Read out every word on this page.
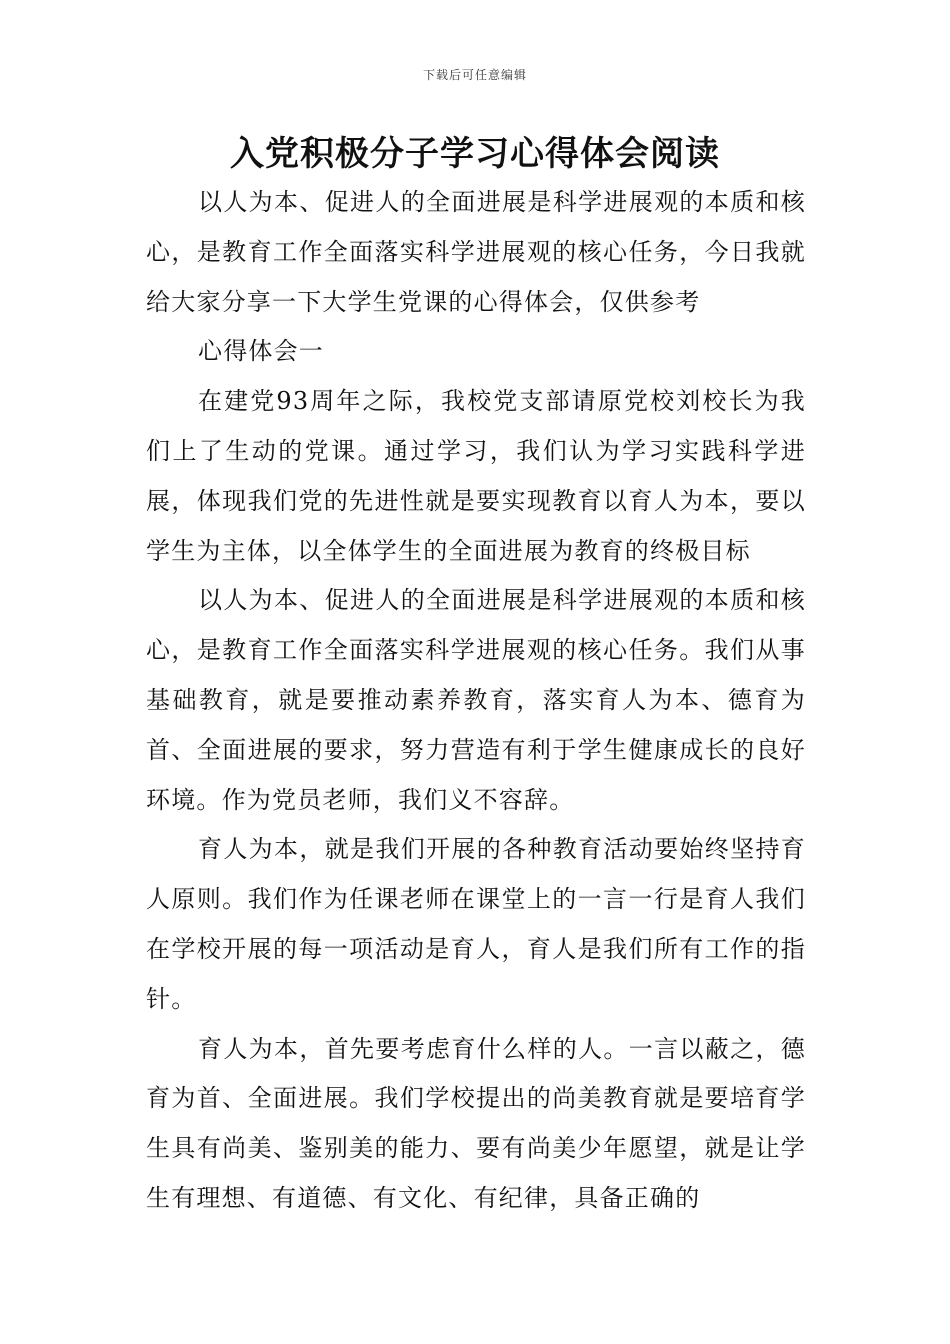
下载后可任意编辑
入党积极分子学习心得体会阅读

以人为本、促进人的全面进展是科学进展观的本质和核心，是教育工作全面落实科学进展观的核心任务，今日我就给大家分享一下大学生党课的心得体会，仅供参考

心得体会一

在建党93周年之际，我校党支部请原党校刘校长为我们上了生动的党课。通过学习，我们认为学习实践科学进展，体现我们党的先进性就是要实现教育以育人为本，要以学生为主体，以全体学生的全面进展为教育的终极目标

以人为本、促进人的全面进展是科学进展观的本质和核心，是教育工作全面落实科学进展观的核心任务。我们从事基础教育，就是要推动素养教育，落实育人为本、德育为首、全面进展的要求，努力营造有利于学生健康成长的良好环境。作为党员老师，我们义不容辞。

育人为本，就是我们开展的各种教育活动要始终坚持育人原则。我们作为任课老师在课堂上的一言一行是育人我们在学校开展的每一项活动是育人，育人是我们所有工作的指针。

育人为本，首先要考虑育什么样的人。一言以蔽之，德育为首、全面进展。我们学校提出的尚美教育就是要培育学生具有尚美、鉴别美的能力、要有尚美少年愿望，就是让学生有理想、有道德、有文化、有纪律，具备正确的
